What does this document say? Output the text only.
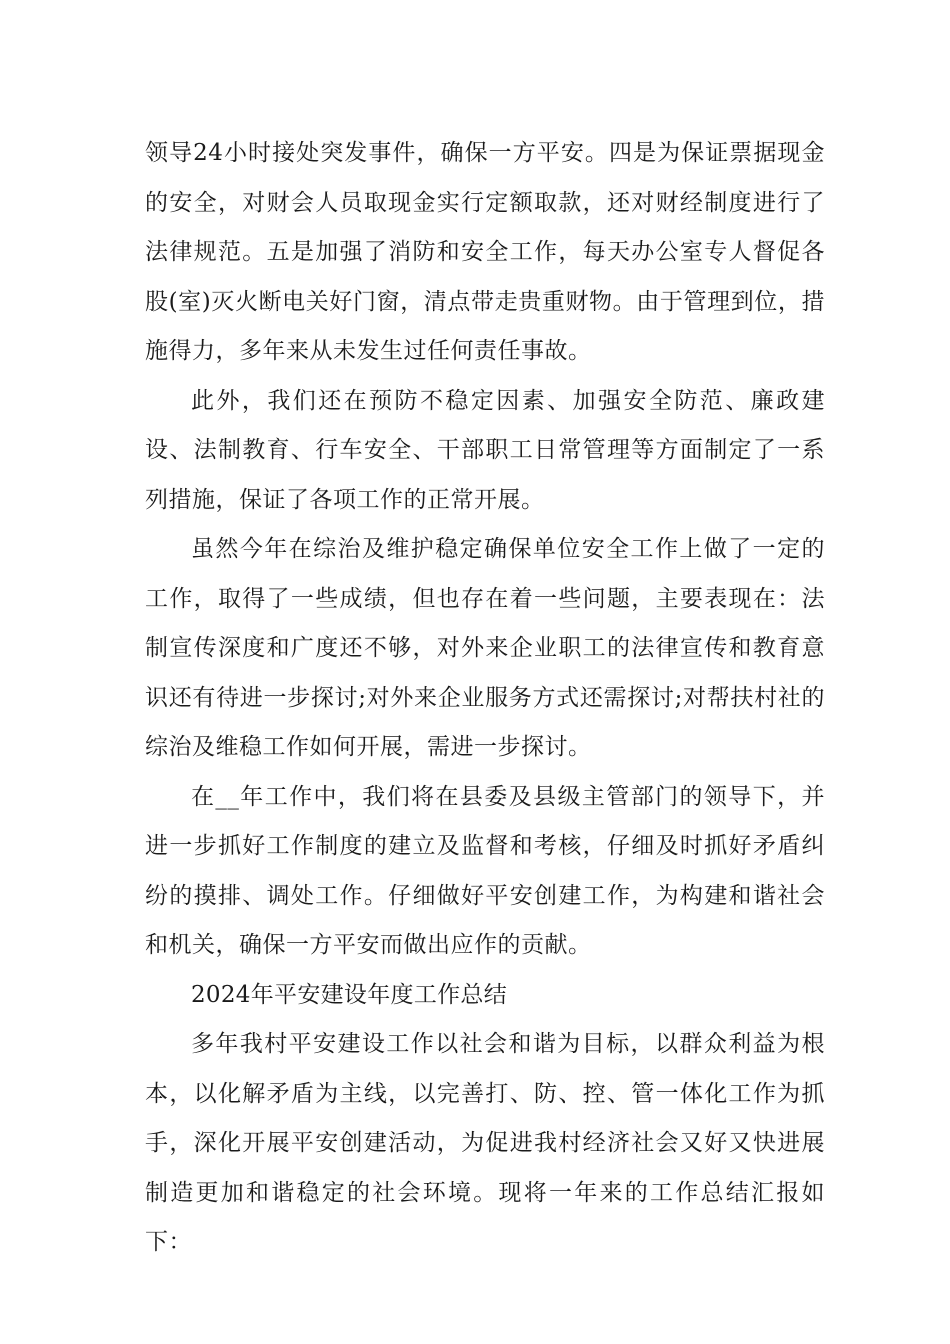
领导24小时接处突发事件，确保一方平安。四是为保证票据现金的安全，对财会人员取现金实行定额取款，还对财经制度进行了法律规范。五是加强了消防和安全工作，每天办公室专人督促各股(室)灭火断电关好门窗，清点带走贵重财物。由于管理到位，措施得力，多年来从未发生过任何责任事故。

此外，我们还在预防不稳定因素、加强安全防范、廉政建设、法制教育、行车安全、干部职工日常管理等方面制定了一系列措施，保证了各项工作的正常开展。

虽然今年在综治及维护稳定确保单位安全工作上做了一定的工作，取得了一些成绩，但也存在着一些问题，主要表现在：法制宣传深度和广度还不够，对外来企业职工的法律宣传和教育意识还有待进一步探讨;对外来企业服务方式还需探讨;对帮扶村社的综治及维稳工作如何开展，需进一步探讨。

在__年工作中，我们将在县委及县级主管部门的领导下，并进一步抓好工作制度的建立及监督和考核，仔细及时抓好矛盾纠纷的摸排、调处工作。仔细做好平安创建工作，为构建和谐社会和机关，确保一方平安而做出应作的贡献。

2024年平安建设年度工作总结

多年我村平安建设工作以社会和谐为目标，以群众利益为根本，以化解矛盾为主线，以完善打、防、控、管一体化工作为抓手，深化开展平安创建活动，为促进我村经济社会又好又快进展制造更加和谐稳定的社会环境。现将一年来的工作总结汇报如下：
